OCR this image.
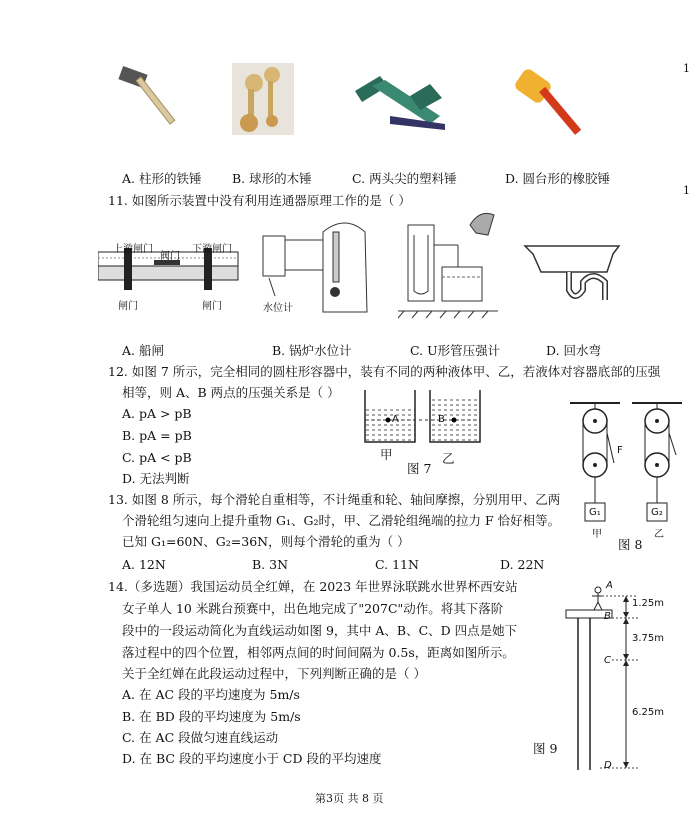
1
1
A. 柱形的铁锤 B. 球形的木锤	C. 两头尖的塑料锤	D. 圆台形的橡胶锤
11. 如图所示装置中没有利用连通器原理工作的是（ ）
上游闸门
阀门
下游闸门
闸门	闸门	水位计
A. 船闸	B. 锅炉水位计	C. U形管压强计	D. 回水弯
12. 如图 7 所示，完全相同的圆柱形容器中，装有不同的两种液体甲、乙，若液体对容器底部的压强
相等，则 A、B 两点的压强关系是（ ）
A. pA > pB
B. pA = pB
C. pA < pB
D. 无法判断
A	B
甲	乙
图 7
F
G₁	G₂
甲	乙
图 8
13. 如图 8 所示，每个滑轮自重相等，不计绳重和轮、轴间摩擦，分别用甲、乙两
个滑轮组匀速向上提升重物 G₁、G₂时，甲、乙滑轮组绳端的拉力 F 恰好相等。
已知 G₁=60N、G₂=36N，则每个滑轮的重为（ ）
A. 12N	B. 3N	C. 11N	D. 22N
14.（多选题）我国运动员全红婵，在 2023 年世界泳联跳水世界杯西安站
女子单人 10 米跳台预赛中，出色地完成了"207C"动作。将其下落阶
段中的一段运动简化为直线运动如图 9，其中 A、B、C、D 四点是她下
落过程中的四个位置，相邻两点间的时间间隔为 0.5s，距离如图所示。
关于全红婵在此段运动过程中，下列判断正确的是（ ）
A. 在 AC 段的平均速度为 5m/s
B. 在 BD 段的平均速度为 5m/s
C. 在 AC 段做匀速直线运动
D. 在 BC 段的平均速度小于 CD 段的平均速度
A
B
C
D
1.25m
3.75m
6.25m
图 9
第3页 共 8 页
